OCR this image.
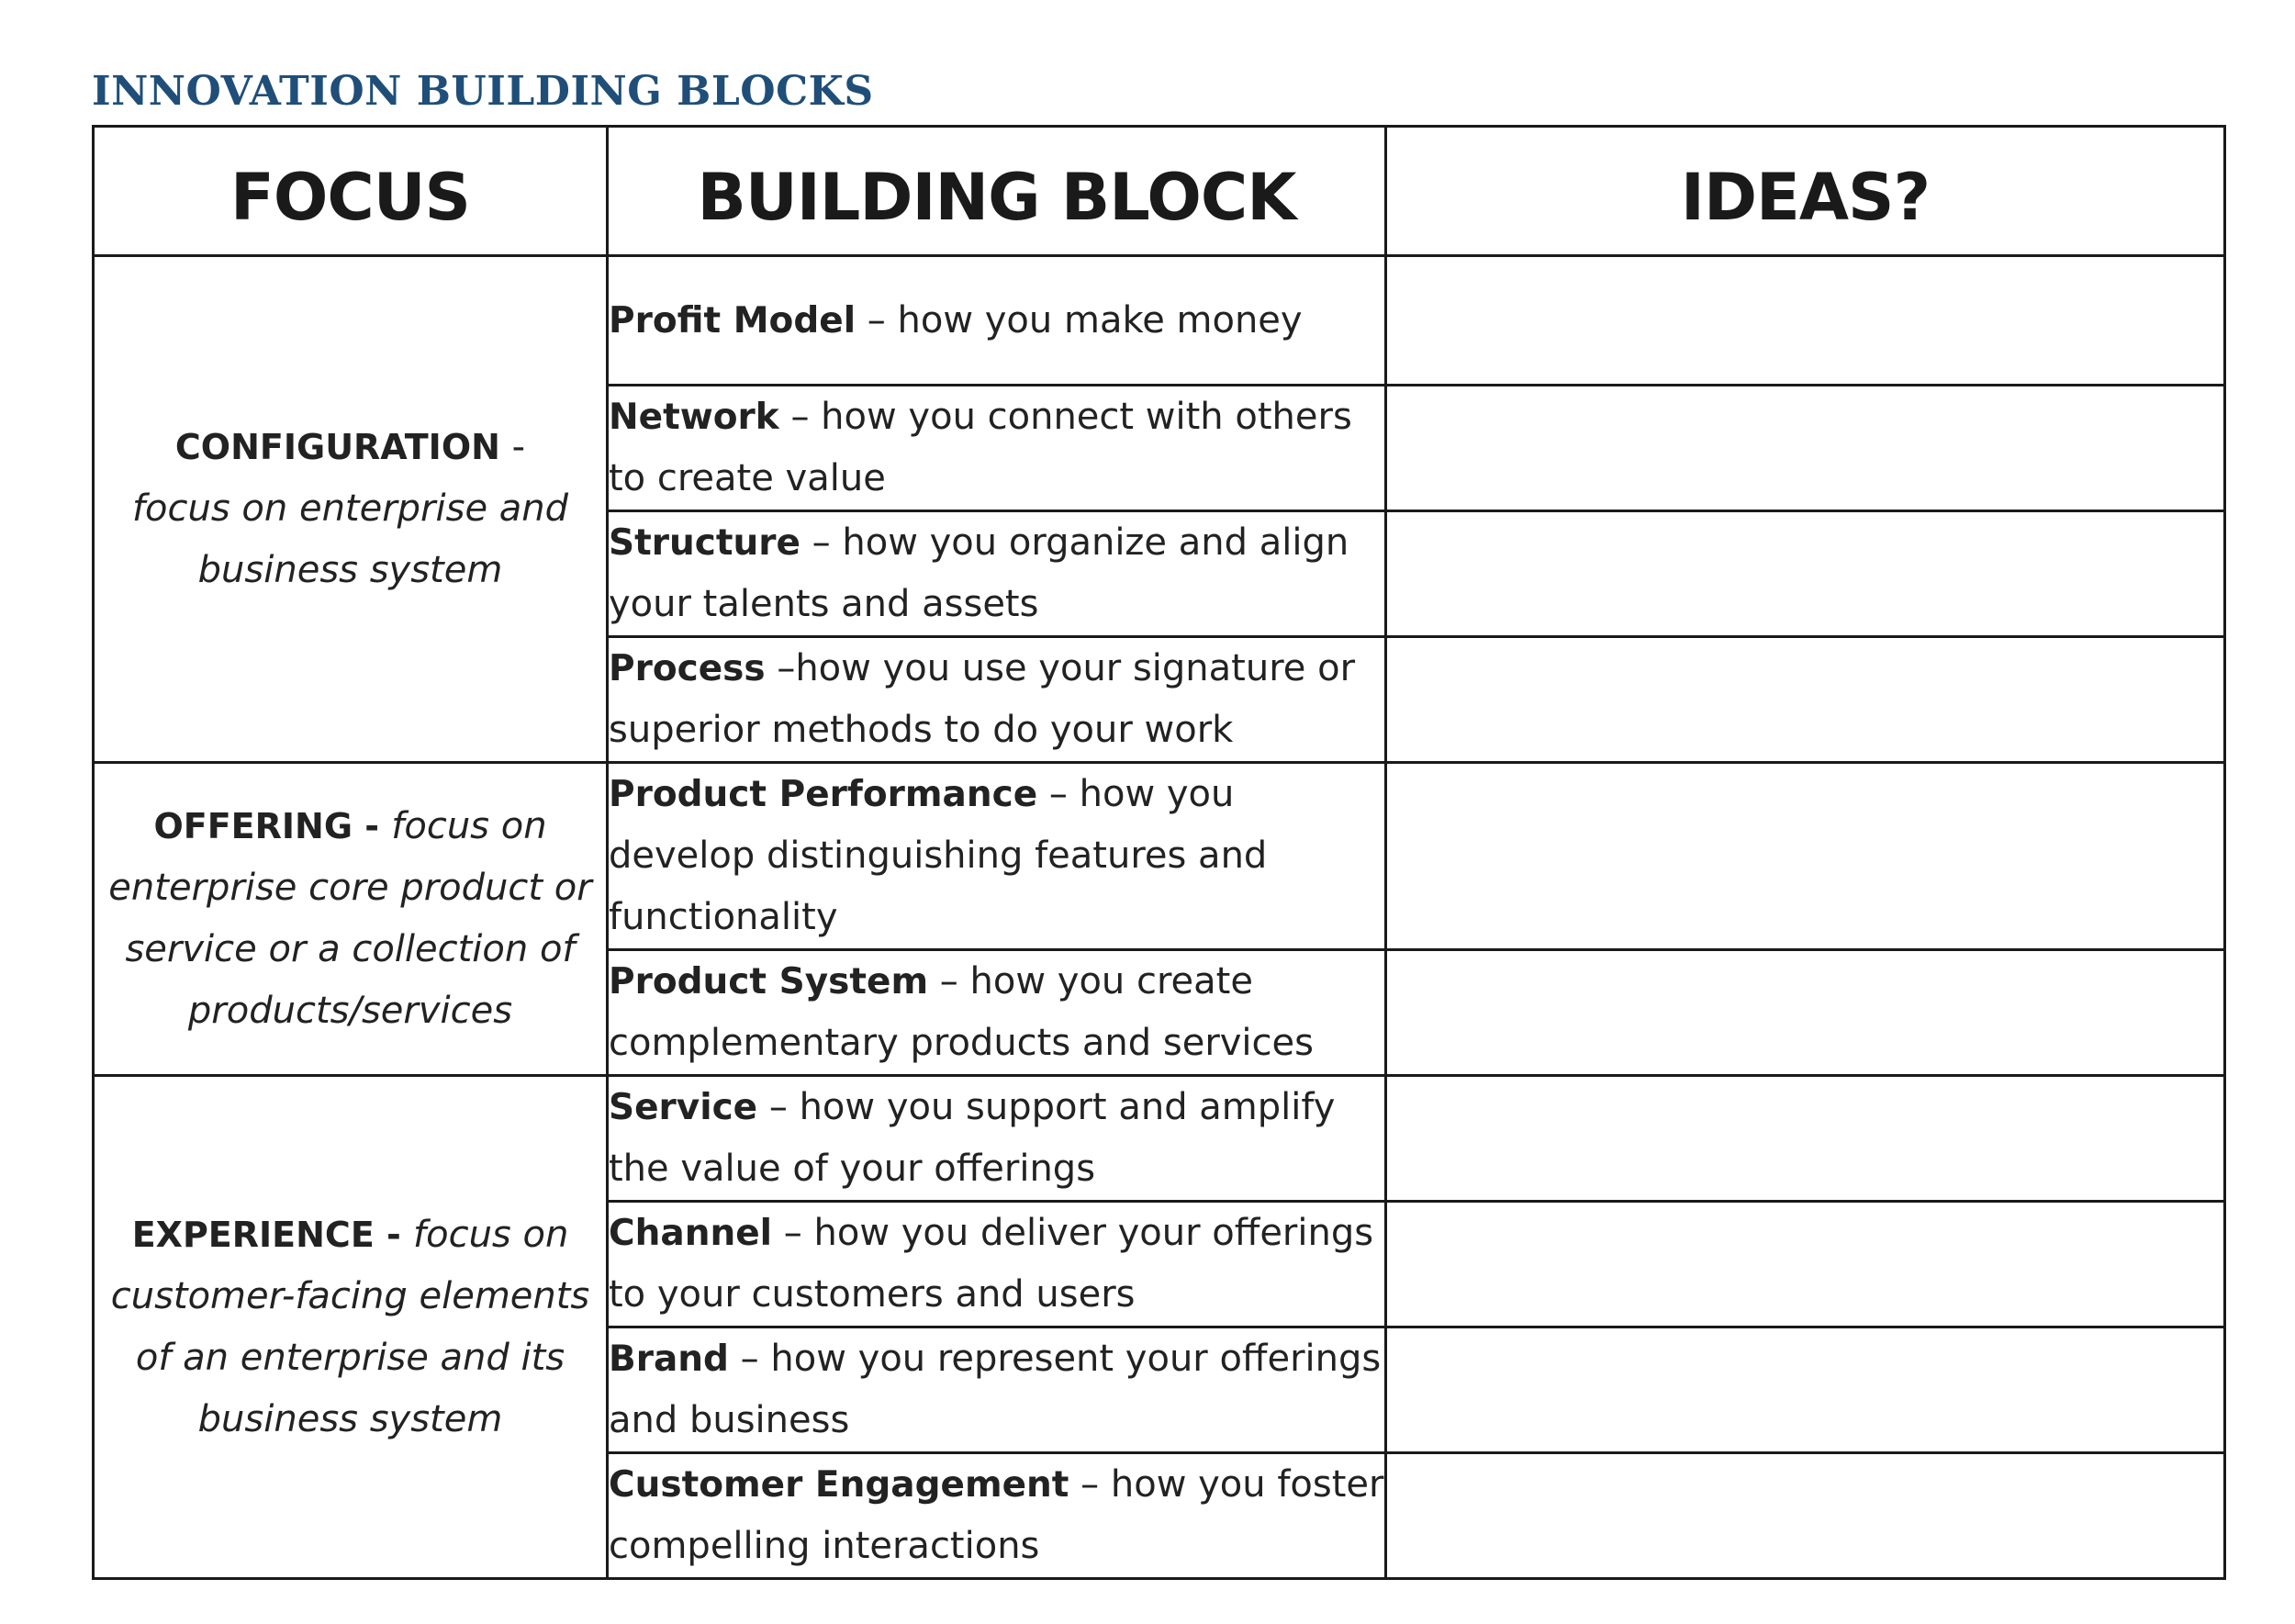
INNOVATION BUILDING BLOCKS
FOCUS	BUILDING BLOCK	IDEAS?
CONFIGURATION -
focus on enterprise and business system	Profit Model – how you make money	
	Network – how you connect with others to create value	
	Structure – how you organize and align your talents and assets	
	Process –how you use your signature or superior methods to do your work	
OFFERING - focus on enterprise core product or service or a collection of products/services	Product Performance – how you develop distinguishing features and functionality	
	Product System – how you create complementary products and services	
EXPERIENCE - focus on customer-facing elements of an enterprise and its business system	Service – how you support and amplify the value of your offerings	
	Channel – how you deliver your offerings to your customers and users	
	Brand – how you represent your offerings and business	
	Customer Engagement – how you foster compelling interactions	
